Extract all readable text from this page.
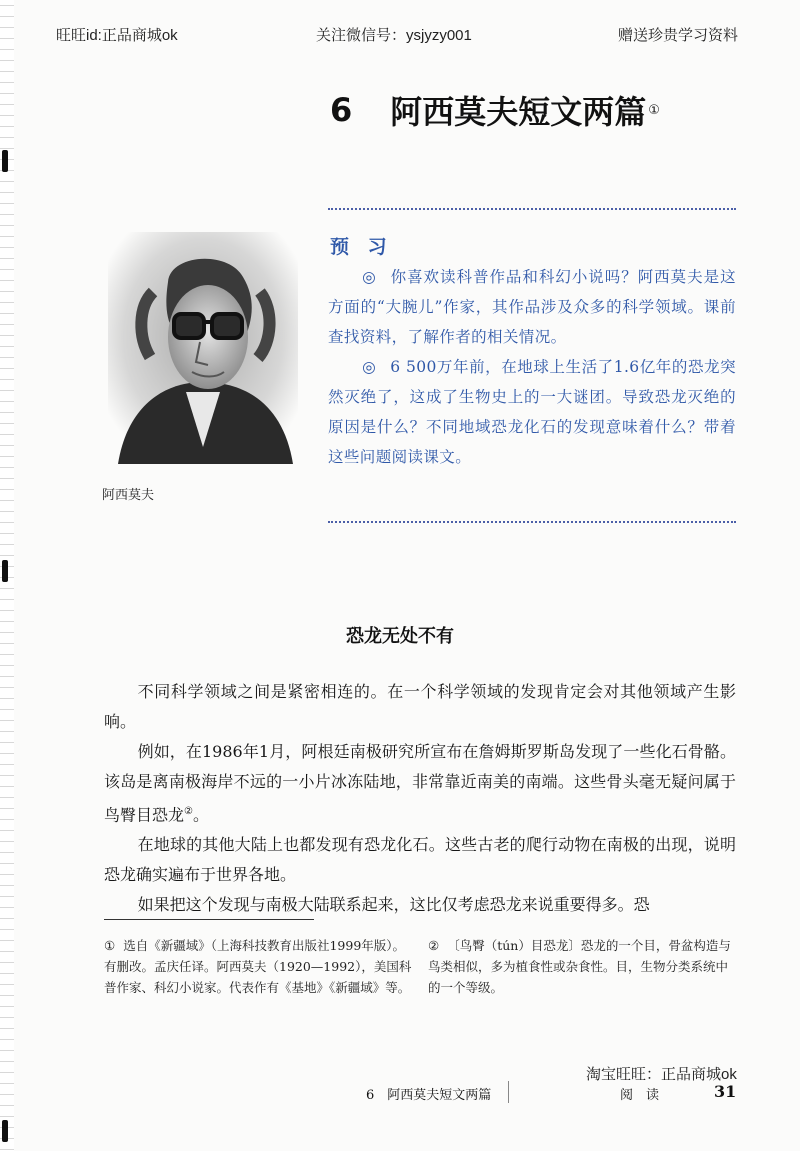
旺旺id:正品商城ok	关注微信号：ysjyzy001	赠送珍贵学习资料
6 阿西莫夫短文两篇 ①
阿西莫夫
预 习

◎ 你喜欢读科普作品和科幻小说吗？阿西莫夫是这方面的“大腕儿”作家，其作品涉及众多的科学领域。课前查找资料，了解作者的相关情况。

◎ 6 500万年前，在地球上生活了1.6亿年的恐龙突然灭绝了，这成了生物史上的一大谜团。导致恐龙灭绝的原因是什么？不同地域恐龙化石的发现意味着什么？带着这些问题阅读课文。

恐龙无处不有

不同科学领域之间是紧密相连的。在一个科学领域的发现肯定会对其他领域产生影响。

例如，在1986年1月，阿根廷南极研究所宣布在詹姆斯罗斯岛发现了一些化石骨骼。该岛是离南极海岸不远的一小片冰冻陆地，非常靠近南美的南端。这些骨头毫无疑问属于鸟臀目恐龙②。

在地球的其他大陆上也都发现有恐龙化石。这些古老的爬行动物在南极的出现，说明恐龙确实遍布于世界各地。

如果把这个发现与南极大陆联系起来，这比仅考虑恐龙来说重要得多。恐

① 选自《新疆域》（上海科技教育出版社1999年版）。有删改。孟庆任译。阿西莫夫（1920—1992），美国科普作家、科幻小说家。代表作有《基地》《新疆域》等。
② 〔鸟臀（tún）目恐龙〕恐龙的一个目，骨盆构造与鸟类相似，多为植食性或杂食性。目，生物分类系统中的一个等级。
淘宝旺旺：正品商城ok
6　阿西莫夫短文两篇	阅　读	31
